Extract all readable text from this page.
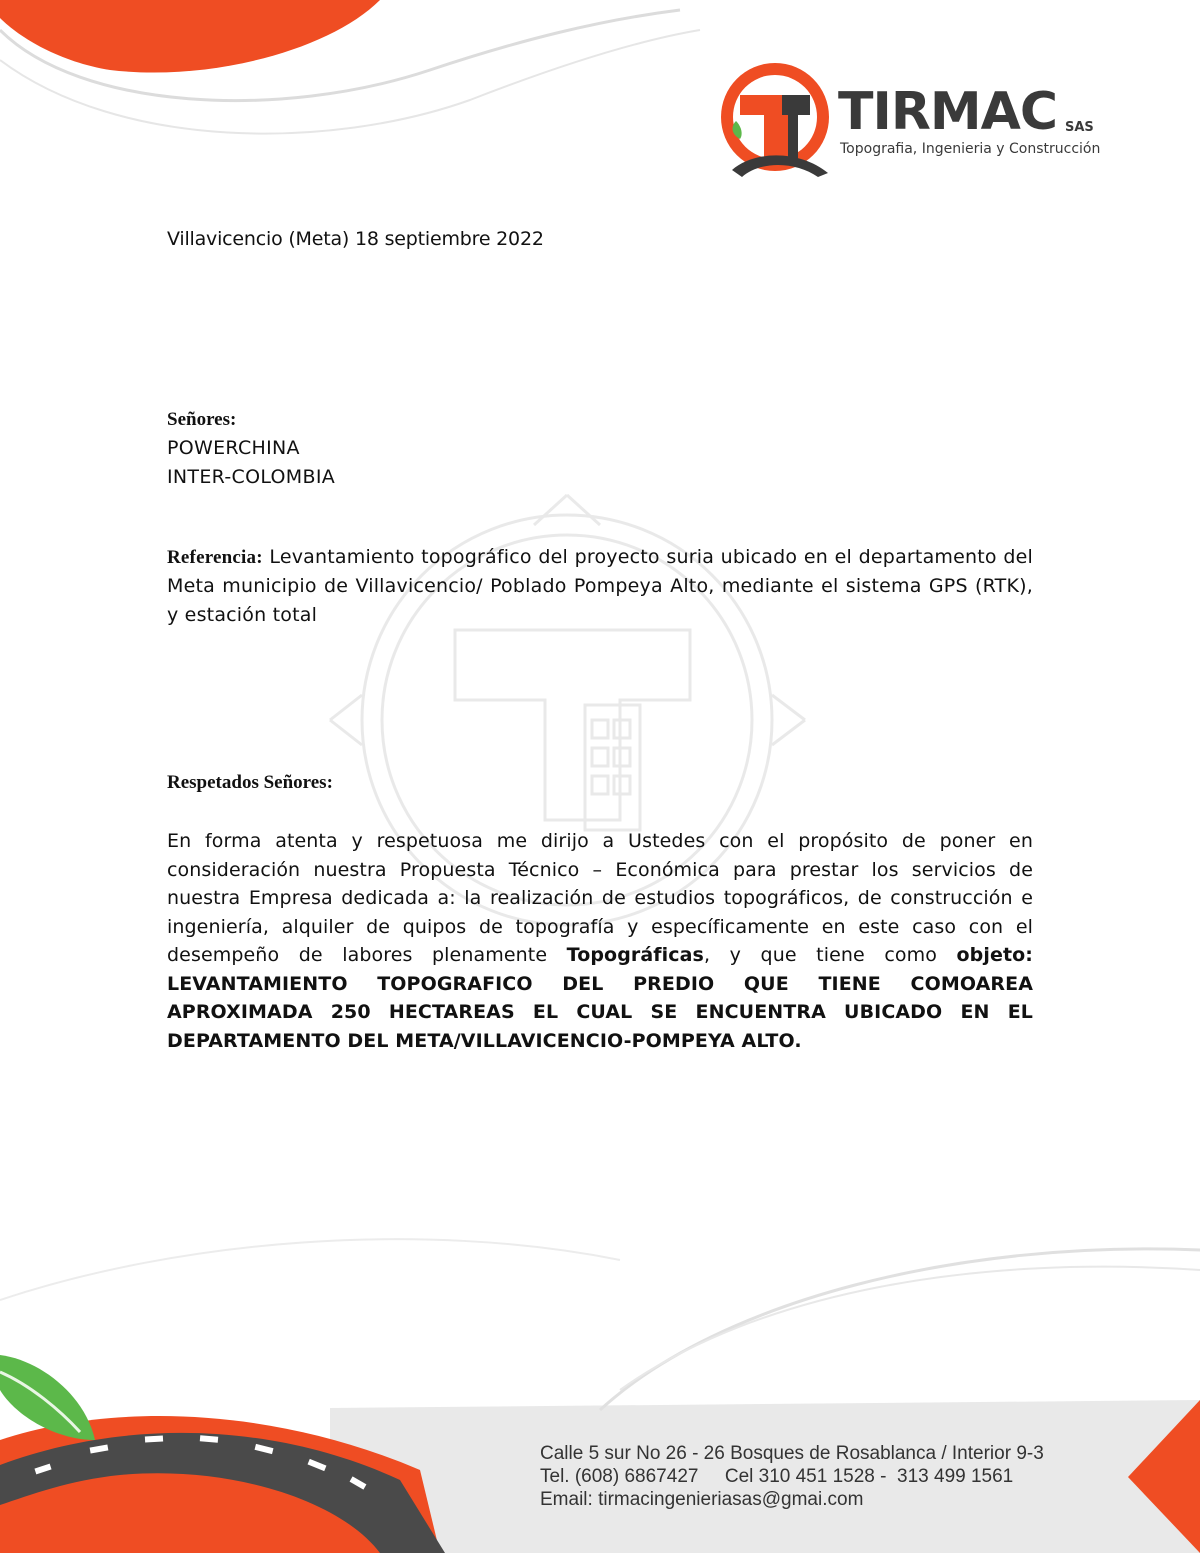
TIRMAC SAS
Topografia, Ingenieria y Construcción
Villavicencio (Meta) 18 septiembre 2022
Señores:
POWERCHINA
INTER-COLOMBIA
Referencia: Levantamiento topográfico del proyecto suria ubicado en el departamento del Meta municipio de Villavicencio/ Poblado Pompeya Alto, mediante el sistema GPS (RTK), y estación total
Respetados Señores:
En forma atenta y respetuosa me dirijo a Ustedes con el propósito de poner en consideración nuestra Propuesta Técnico – Económica para prestar los servicios de nuestra Empresa dedicada a: la realización de estudios topográficos, de construcción e ingeniería, alquiler de quipos de topografía y específicamente en este caso con el desempeño de labores plenamente Topográficas, y que tiene como objeto: LEVANTAMIENTO TOPOGRAFICO DEL PREDIO QUE TIENE COMOAREA APROXIMADA 250 HECTAREAS EL CUAL SE ENCUENTRA UBICADO EN EL DEPARTAMENTO DEL META/VILLAVICENCIO-POMPEYA ALTO.
Calle 5 sur No 26 - 26 Bosques de Rosablanca / Interior 9-3
Tel. (608) 6867427     Cel 310 451 1528 -  313 499 1561
Email: tirmacingenieriasas@gmai.com
